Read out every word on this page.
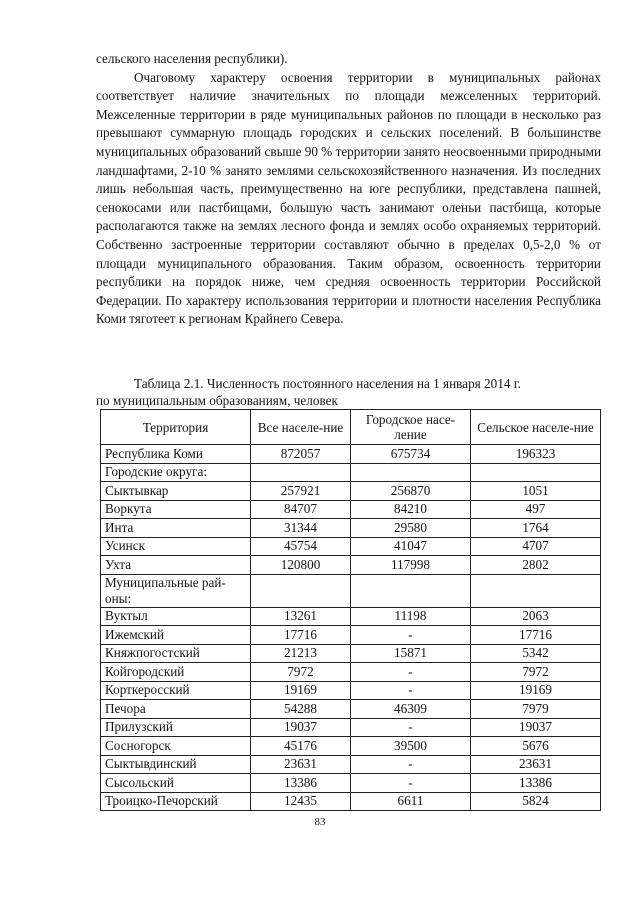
сельского населения республики).

Очаговому характеру освоения территории в муниципальных районах соответствует наличие значительных по площади межселенных территорий. Межселенные территории в ряде муниципальных районов по площади в несколько раз превышают суммарную площадь городских и сельских поселений. В большинстве муниципальных образований свыше 90 % территории занято неосвоенными природными ландшафтами, 2-10 % занято землями сельскохозяйственного назначения. Из последних лишь небольшая часть, преимущественно на юге республики, представлена пашней, сенокосами или пастбищами, большую часть занимают оленьи пастбища, которые располагаются также на землях лесного фонда и землях особо охраняемых территорий. Собственно застроенные территории составляют обычно в пределах 0,5-2,0 % от площади муниципального образования. Таким образом, освоенность территории республики на порядок ниже, чем средняя освоенность территории Российской Федерации. По характеру использования территории и плотности населения Республика Коми тяготеет к регионам Крайнего Севера.

Таблица 2.1. Численность постоянного населения на 1 января 2014 г.
по муниципальным образованиям, человек
Территория	Все населе-ние	Городское насе-ление	Сельское населе-ние
Республика Коми	872057	675734	196323
Городские округа:			
Сыктывкар	257921	256870	1051
Воркута	84707	84210	497
Инта	31344	29580	1764
Усинск	45754	41047	4707
Ухта	120800	117998	2802
Муниципальные рай-оны:			
Вуктыл	13261	11198	2063
Ижемский	17716	-	17716
Княжпогостский	21213	15871	5342
Койгородский	7972	-	7972
Корткеросский	19169	-	19169
Печора	54288	46309	7979
Прилузский	19037	-	19037
Сосногорск	45176	39500	5676
Сыктывдинский	23631	-	23631
Сысольский	13386	-	13386
Троицко-Печорский	12435	6611	5824
83
